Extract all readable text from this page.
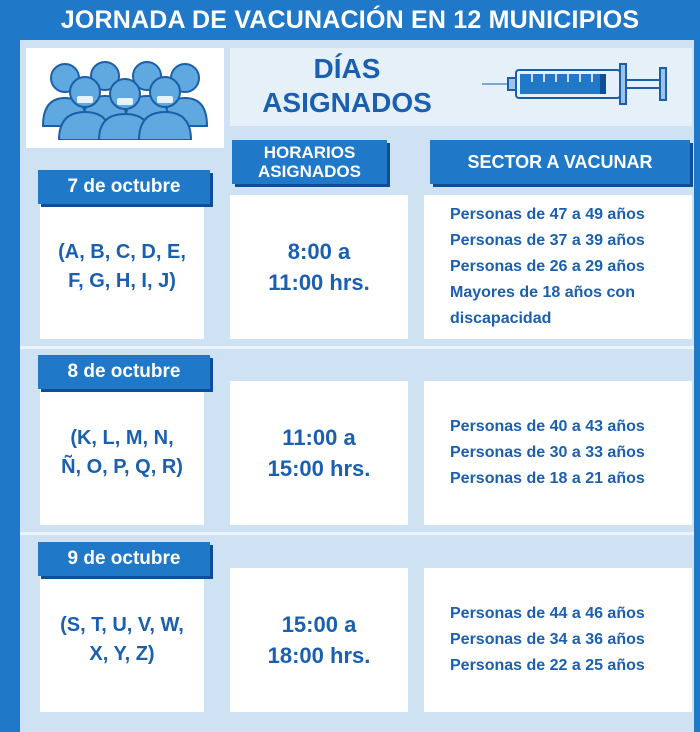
JORNADA DE VACUNACIÓN EN 12 MUNICIPIOS
DÍAS
ASIGNADOS
HORARIOS
ASIGNADOS	SECTOR A VACUNAR
7 de octubre
(A, B, C, D, E,
F, G, H, I, J)
8:00 a
11:00 hrs.
Personas de 47 a 49 años
Personas de 37 a 39 años
Personas de 26 a 29 años
Mayores de 18 años con
discapacidad
8 de octubre
(K, L, M, N,
Ñ, O, P, Q, R)
11:00 a
15:00 hrs.
Personas de 40 a 43 años
Personas de 30 a 33 años
Personas de 18 a 21 años
9 de octubre
(S, T, U, V, W,
X, Y, Z)
15:00 a
18:00 hrs.
Personas de 44 a 46 años
Personas de 34 a 36 años
Personas de 22 a 25 años
